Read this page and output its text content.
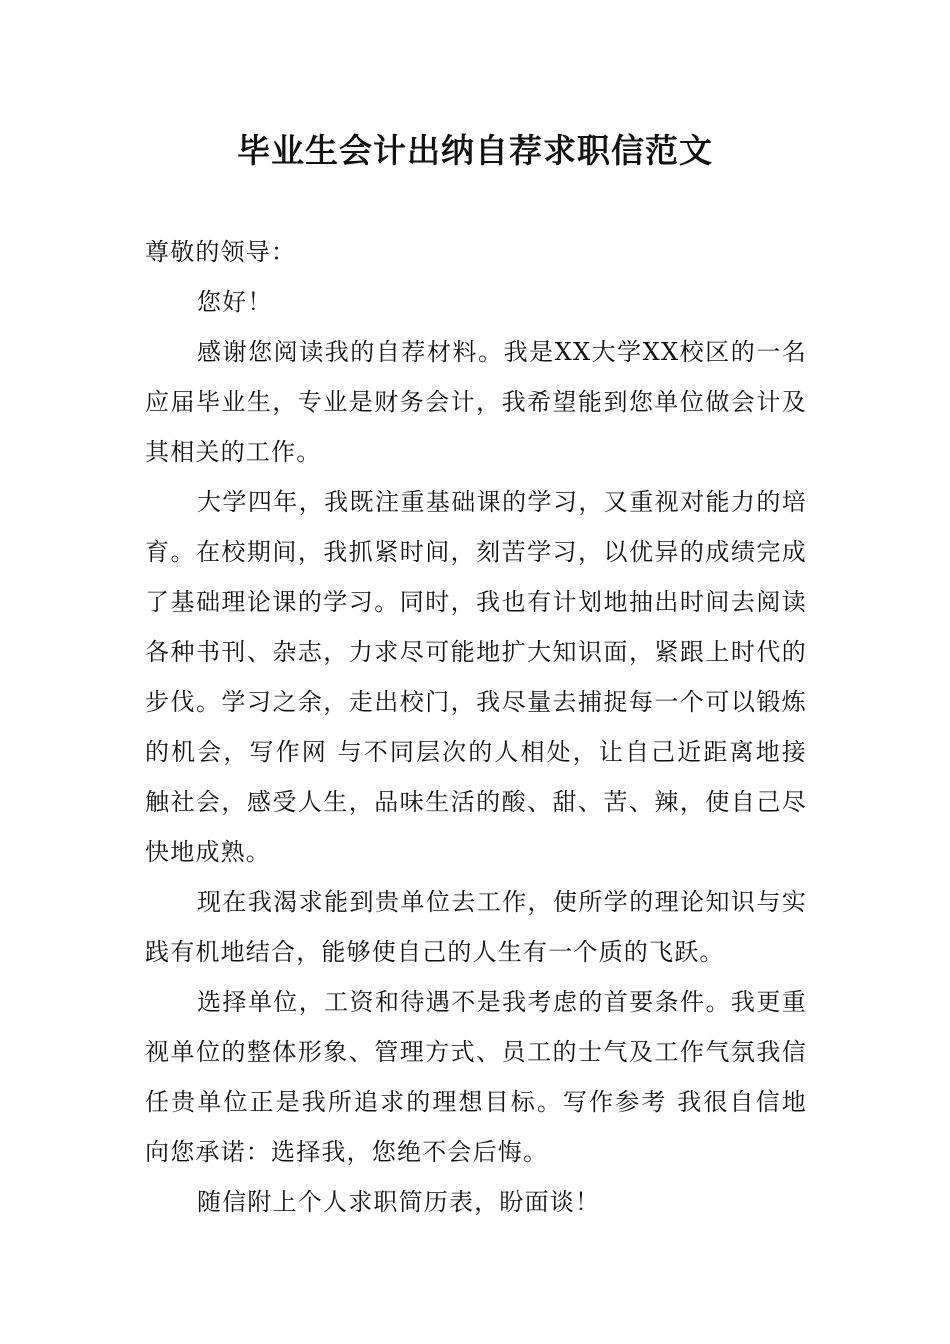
毕业生会计出纳自荐求职信范文

尊敬的领导：

您好！

感谢您阅读我的自荐材料。我是XX大学XX校区的一名应届毕业生，专业是财务会计，我希望能到您单位做会计及其相关的工作。

大学四年，我既注重基础课的学习，又重视对能力的培育。在校期间，我抓紧时间，刻苦学习，以优异的成绩完成了基础理论课的学习。同时，我也有计划地抽出时间去阅读各种书刊、杂志，力求尽可能地扩大知识面，紧跟上时代的步伐。学习之余，走出校门，我尽量去捕捉每一个可以锻炼的机会，写作网 与不同层次的人相处，让自己近距离地接触社会，感受人生，品味生活的酸、甜、苦、辣，使自己尽快地成熟。

现在我渴求能到贵单位去工作，使所学的理论知识与实践有机地结合，能够使自己的人生有一个质的飞跃。

选择单位，工资和待遇不是我考虑的首要条件。我更重视单位的整体形象、管理方式、员工的士气及工作气氛我信任贵单位正是我所追求的理想目标。写作参考 我很自信地向您承诺：选择我，您绝不会后悔。

随信附上个人求职简历表，盼面谈！
